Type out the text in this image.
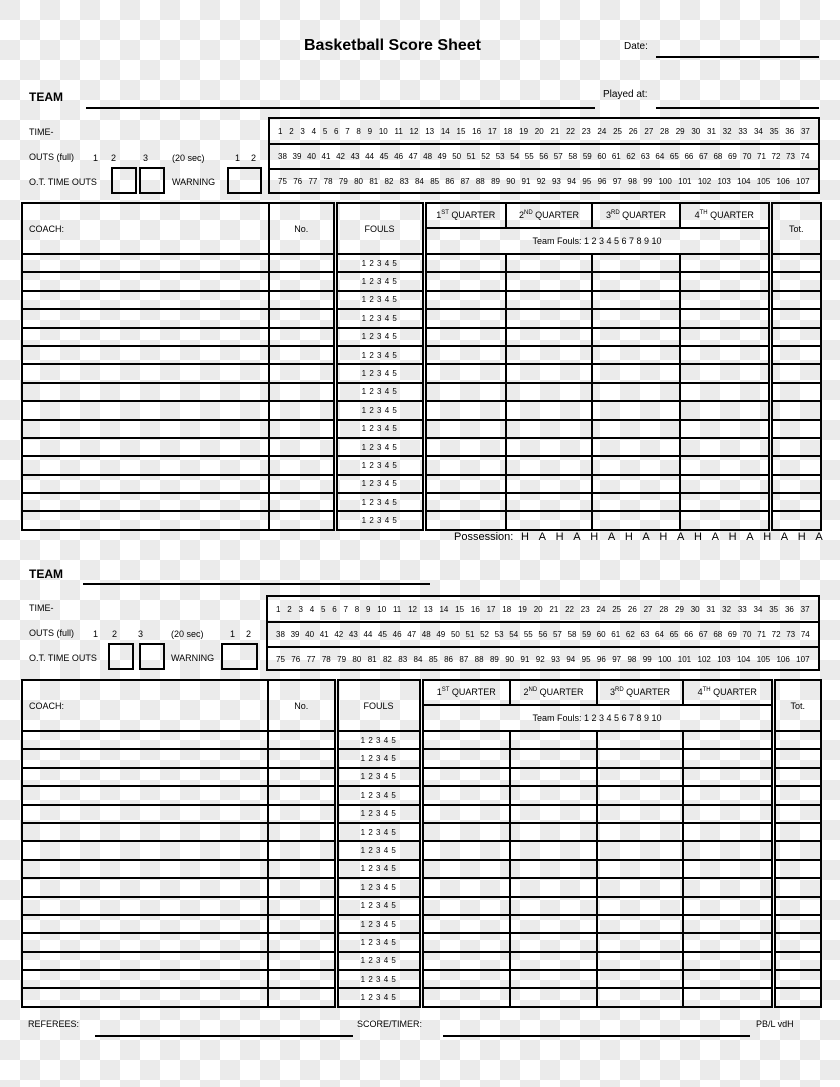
Basketball Score Sheet	Date:
TEAM	Played at:
TIME-
OUTS (full) 1 2	3	(20 sec)	1 2
O.T. TIME OUTS	WARNING
1 2 3 4 5 6 7 8 9 10 11 12 13 14 15 16 17 18 19 20 21 22 23 24 25 26 27 28 29 30 31 32 33 34 35 36 37
38 39 40 41 42 43 44 45 46 47 48 49 50 51 52 53 54 55 56 57 58 59 60 61 62 63 64 65 66 67 68 69 70 71 72 73 74
75 76 77 78 79 80 81 82 83 84 85 86 87 88 89 90 91 92 93 94 95 96 97 98 99 100 101 102 103 104 105 106 107
COACH:	No.	FOULS	1ST QUARTER	2ND QUARTER	3RD QUARTER	4TH QUARTER	Tot.
			Team Fouls: 1 2 3 4 5 6 7 8 9 10				
		1 2 3 4 5					
		1 2 3 4 5					
		1 2 3 4 5					
		1 2 3 4 5					
		1 2 3 4 5					
		1 2 3 4 5					
		1 2 3 4 5					
		1 2 3 4 5					
		1 2 3 4 5					
		1 2 3 4 5					
		1 2 3 4 5					
		1 2 3 4 5					
		1 2 3 4 5					
		1 2 3 4 5					
		1 2 3 4 5					
Possession: H A H A H A H A H A H A H A H A H A
TEAM
TIME-
OUTS (full) 1 2 3	(20 sec)	1 2
O.T. TIME OUTS	WARNING
1 2 3 4 5 6 7 8 9 10 11 12 13 14 15 16 17 18 19 20 21 22 23 24 25 26 27 28 29 30 31 32 33 34 35 36 37
38 39 40 41 42 43 44 45 46 47 48 49 50 51 52 53 54 55 56 57 58 59 60 61 62 63 64 65 66 67 68 69 70 71 72 73 74
75 76 77 78 79 80 81 82 83 84 85 86 87 88 89 90 91 92 93 94 95 96 97 98 99 100 101 102 103 104 105 106 107
COACH:	No.	FOULS	1ST QUARTER	2ND QUARTER	3RD QUARTER	4TH QUARTER	Tot.
			Team Fouls: 1 2 3 4 5 6 7 8 9 10				
		1 2 3 4 5					
		1 2 3 4 5					
		1 2 3 4 5					
		1 2 3 4 5					
		1 2 3 4 5					
		1 2 3 4 5					
		1 2 3 4 5					
		1 2 3 4 5					
		1 2 3 4 5					
		1 2 3 4 5					
		1 2 3 4 5					
		1 2 3 4 5					
		1 2 3 4 5					
		1 2 3 4 5					
		1 2 3 4 5					
REFEREES:	SCORE/TIMER:	PB/L vdH
